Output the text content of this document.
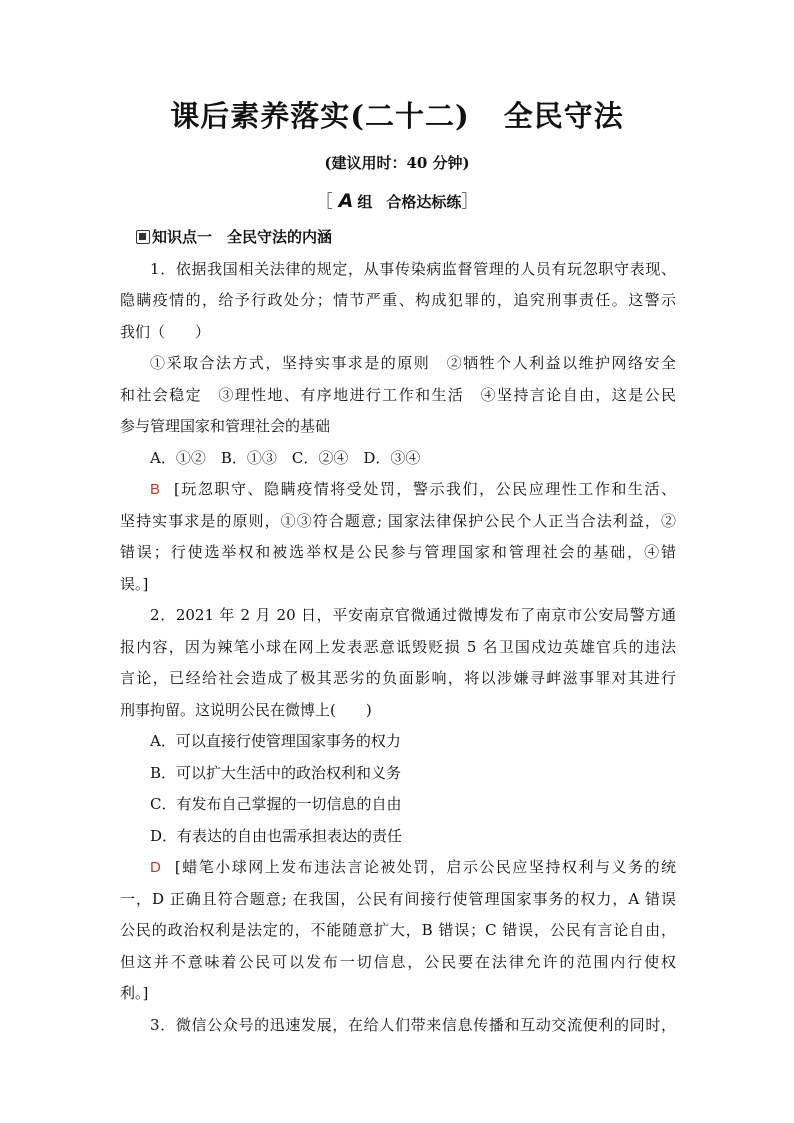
课后素养落实(二十二) 全民守法
(建议用时：40 分钟)
［ A 组 合格达标练］
知识点一　全民守法的内涵
1．依据我国相关法律的规定，从事传染病监督管理的人员有玩忽职守表现、
隐瞒疫情的，给予行政处分；情节严重、构成犯罪的，追究刑事责任。这警示
我们（　　）
①采取合法方式，坚持实事求是的原则　②牺牲个人利益以维护网络安全
和社会稳定　③理性地、有序地进行工作和生活　④坚持言论自由，这是公民
参与管理国家和管理社会的基础
A．①②　B．①③　C．②④　D．③④
B [玩忽职守、隐瞒疫情将受处罚，警示我们，公民应理性工作和生活、
坚持实事求是的原则，①③符合题意; 国家法律保护公民个人正当合法利益，②
错误；行使选举权和被选举权是公民参与管理国家和管理社会的基础，④错
误。]
2．2021 年 2 月 20 日，平安南京官微通过微博发布了南京市公安局警方通
报内容，因为辣笔小球在网上发表恶意诋毁贬损 5 名卫国戍边英雄官兵的违法
言论，已经给社会造成了极其恶劣的负面影响，将以涉嫌寻衅滋事罪对其进行
刑事拘留。这说明公民在微博上(　　)
A．可以直接行使管理国家事务的权力
B．可以扩大生活中的政治权利和义务
C．有发布自己掌握的一切信息的自由
D．有表达的自由也需承担表达的责任
D [蜡笔小球网上发布违法言论被处罚，启示公民应坚持权利与义务的统
一，D 正确且符合题意; 在我国，公民有间接行使管理国家事务的权力，A 错误
公民的政治权利是法定的，不能随意扩大，B 错误；C 错误，公民有言论自由，
但这并不意味着公民可以发布一切信息，公民要在法律允许的范围内行使权
利。]
3．微信公众号的迅速发展，在给人们带来信息传播和互动交流便利的同时，
